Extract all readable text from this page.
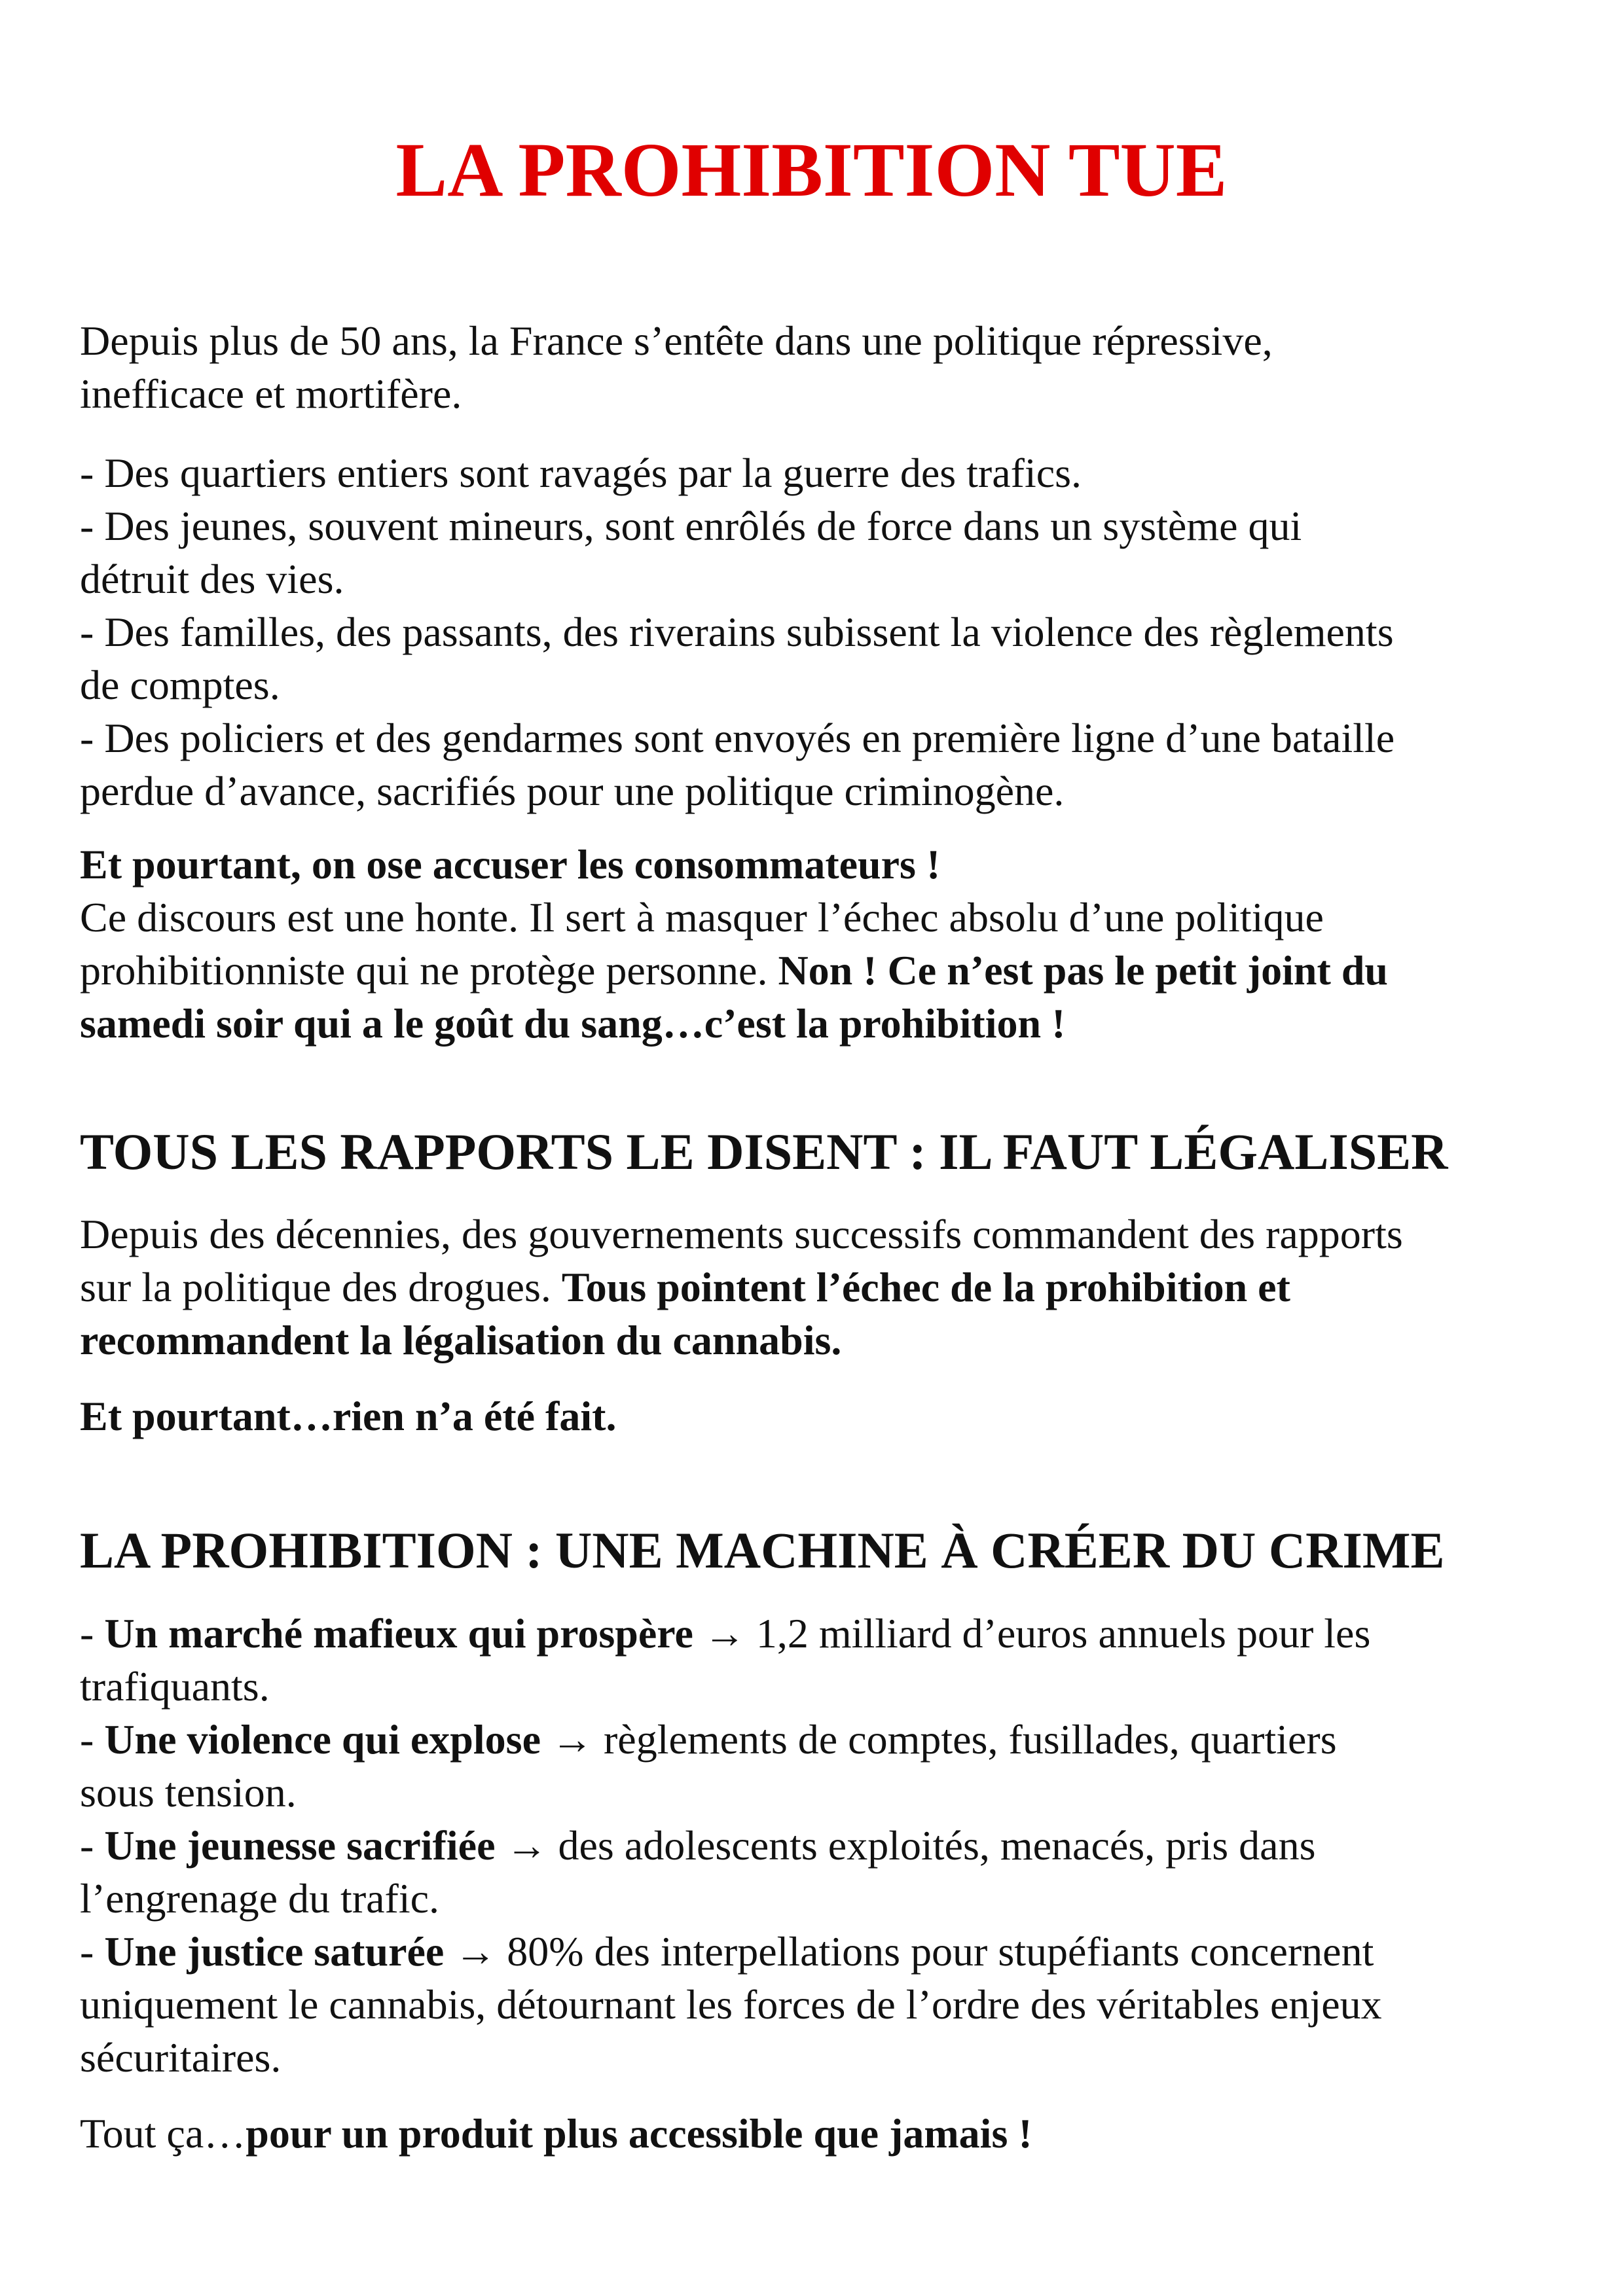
LA PROHIBITION TUE

Depuis plus de 50 ans, la France s’entête dans une politique répressive,
inefficace et mortifère.

- Des quartiers entiers sont ravagés par la guerre des trafics.
- Des jeunes, souvent mineurs, sont enrôlés de force dans un système qui
détruit des vies.
- Des familles, des passants, des riverains subissent la violence des règlements
de comptes.
- Des policiers et des gendarmes sont envoyés en première ligne d’une bataille
perdue d’avance, sacrifiés pour une politique criminogène.

Et pourtant, on ose accuser les consommateurs !
Ce discours est une honte. Il sert à masquer l’échec absolu d’une politique
prohibitionniste qui ne protège personne. Non ! Ce n’est pas le petit joint du
samedi soir qui a le goût du sang…c’est la prohibition !

TOUS LES RAPPORTS LE DISENT : IL FAUT LÉGALISER

Depuis des décennies, des gouvernements successifs commandent des rapports
sur la politique des drogues. Tous pointent l’échec de la prohibition et
recommandent la légalisation du cannabis.

Et pourtant…rien n’a été fait.

LA PROHIBITION : UNE MACHINE À CRÉER DU CRIME

- Un marché mafieux qui prospère → 1,2 milliard d’euros annuels pour les
trafiquants.
- Une violence qui explose → règlements de comptes, fusillades, quartiers
sous tension.
- Une jeunesse sacrifiée → des adolescents exploités, menacés, pris dans
l’engrenage du trafic.
- Une justice saturée → 80% des interpellations pour stupéfiants concernent
uniquement le cannabis, détournant les forces de l’ordre des véritables enjeux
sécuritaires.

Tout ça…pour un produit plus accessible que jamais !
